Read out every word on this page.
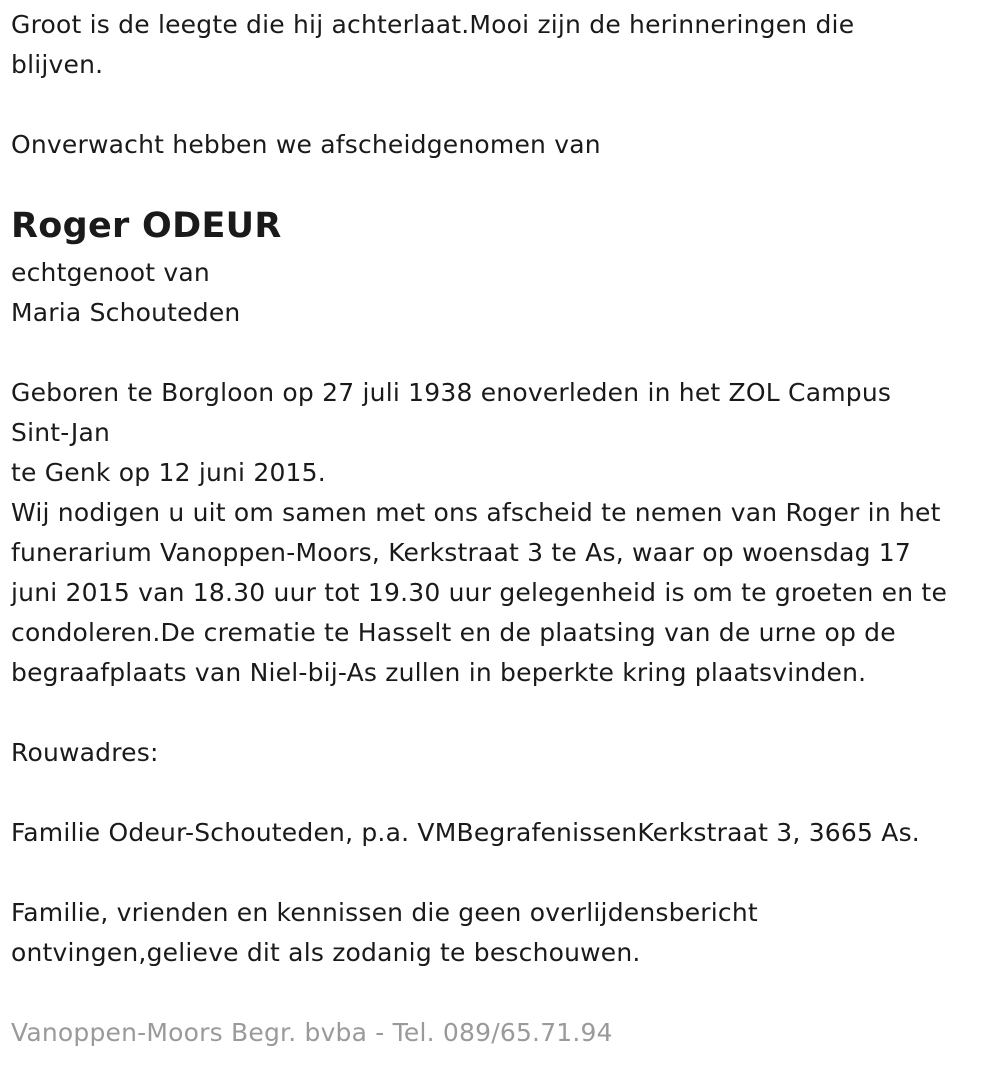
Groot is de leegte die hij achterlaat.Mooi zijn de herinneringen die
blijven.
Onverwacht hebben we afscheidgenomen van
Roger ODEUR
echtgenoot van
Maria Schouteden
Geboren te Borgloon op 27 juli 1938 enoverleden in het ZOL Campus
Sint-Jan
te Genk op 12 juni 2015.
Wij nodigen u uit om samen met ons afscheid te nemen van Roger in het
funerarium Vanoppen-Moors, Kerkstraat 3 te As, waar op woensdag 17
juni 2015 van 18.30 uur tot 19.30 uur gelegenheid is om te groeten en te
condoleren.De crematie te Hasselt en de plaatsing van de urne op de
begraafplaats van Niel-bij-As zullen in beperkte kring plaatsvinden.
Rouwadres:
Familie Odeur-Schouteden, p.a. VMBegrafenissenKerkstraat 3, 3665 As.
Familie, vrienden en kennissen die geen overlijdensbericht
ontvingen,gelieve dit als zodanig te beschouwen.
Vanoppen-Moors Begr. bvba - Tel. 089/65.71.94
